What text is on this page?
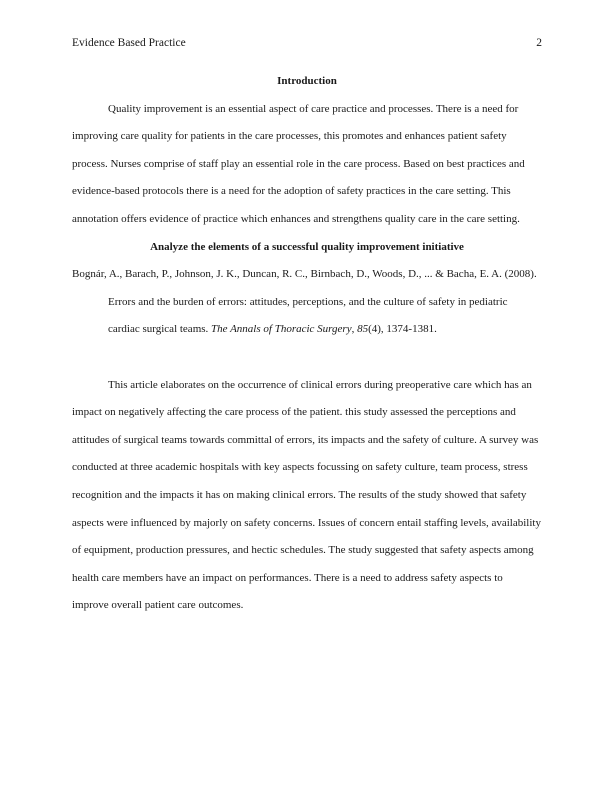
Evidence Based Practice	2

Introduction

Quality improvement is an essential aspect of care practice and processes. There is a need for improving care quality for patients in the care processes, this promotes and enhances patient safety process. Nurses comprise of staff play an essential role in the care process. Based on best practices and evidence-based protocols there is a need for the adoption of safety practices in the care setting. This annotation offers evidence of practice which enhances and strengthens quality care in the care setting.

Analyze the elements of a successful quality improvement initiative

Bognár, A., Barach, P., Johnson, J. K., Duncan, R. C., Birnbach, D., Woods, D., ... & Bacha, E. A. (2008). Errors and the burden of errors: attitudes, perceptions, and the culture of safety in pediatric cardiac surgical teams. The Annals of Thoracic Surgery, 85(4), 1374-1381.

This article elaborates on the occurrence of clinical errors during preoperative care which has an impact on negatively affecting the care process of the patient. this study assessed the perceptions and attitudes of surgical teams towards committal of errors, its impacts and the safety of culture. A survey was conducted at three academic hospitals with key aspects focussing on safety culture, team process, stress recognition and the impacts it has on making clinical errors. The results of the study showed that safety aspects were influenced by majorly on safety concerns. Issues of concern entail staffing levels, availability of equipment, production pressures, and hectic schedules. The study suggested that safety aspects among health care members have an impact on performances. There is a need to address safety aspects to improve overall patient care outcomes.
